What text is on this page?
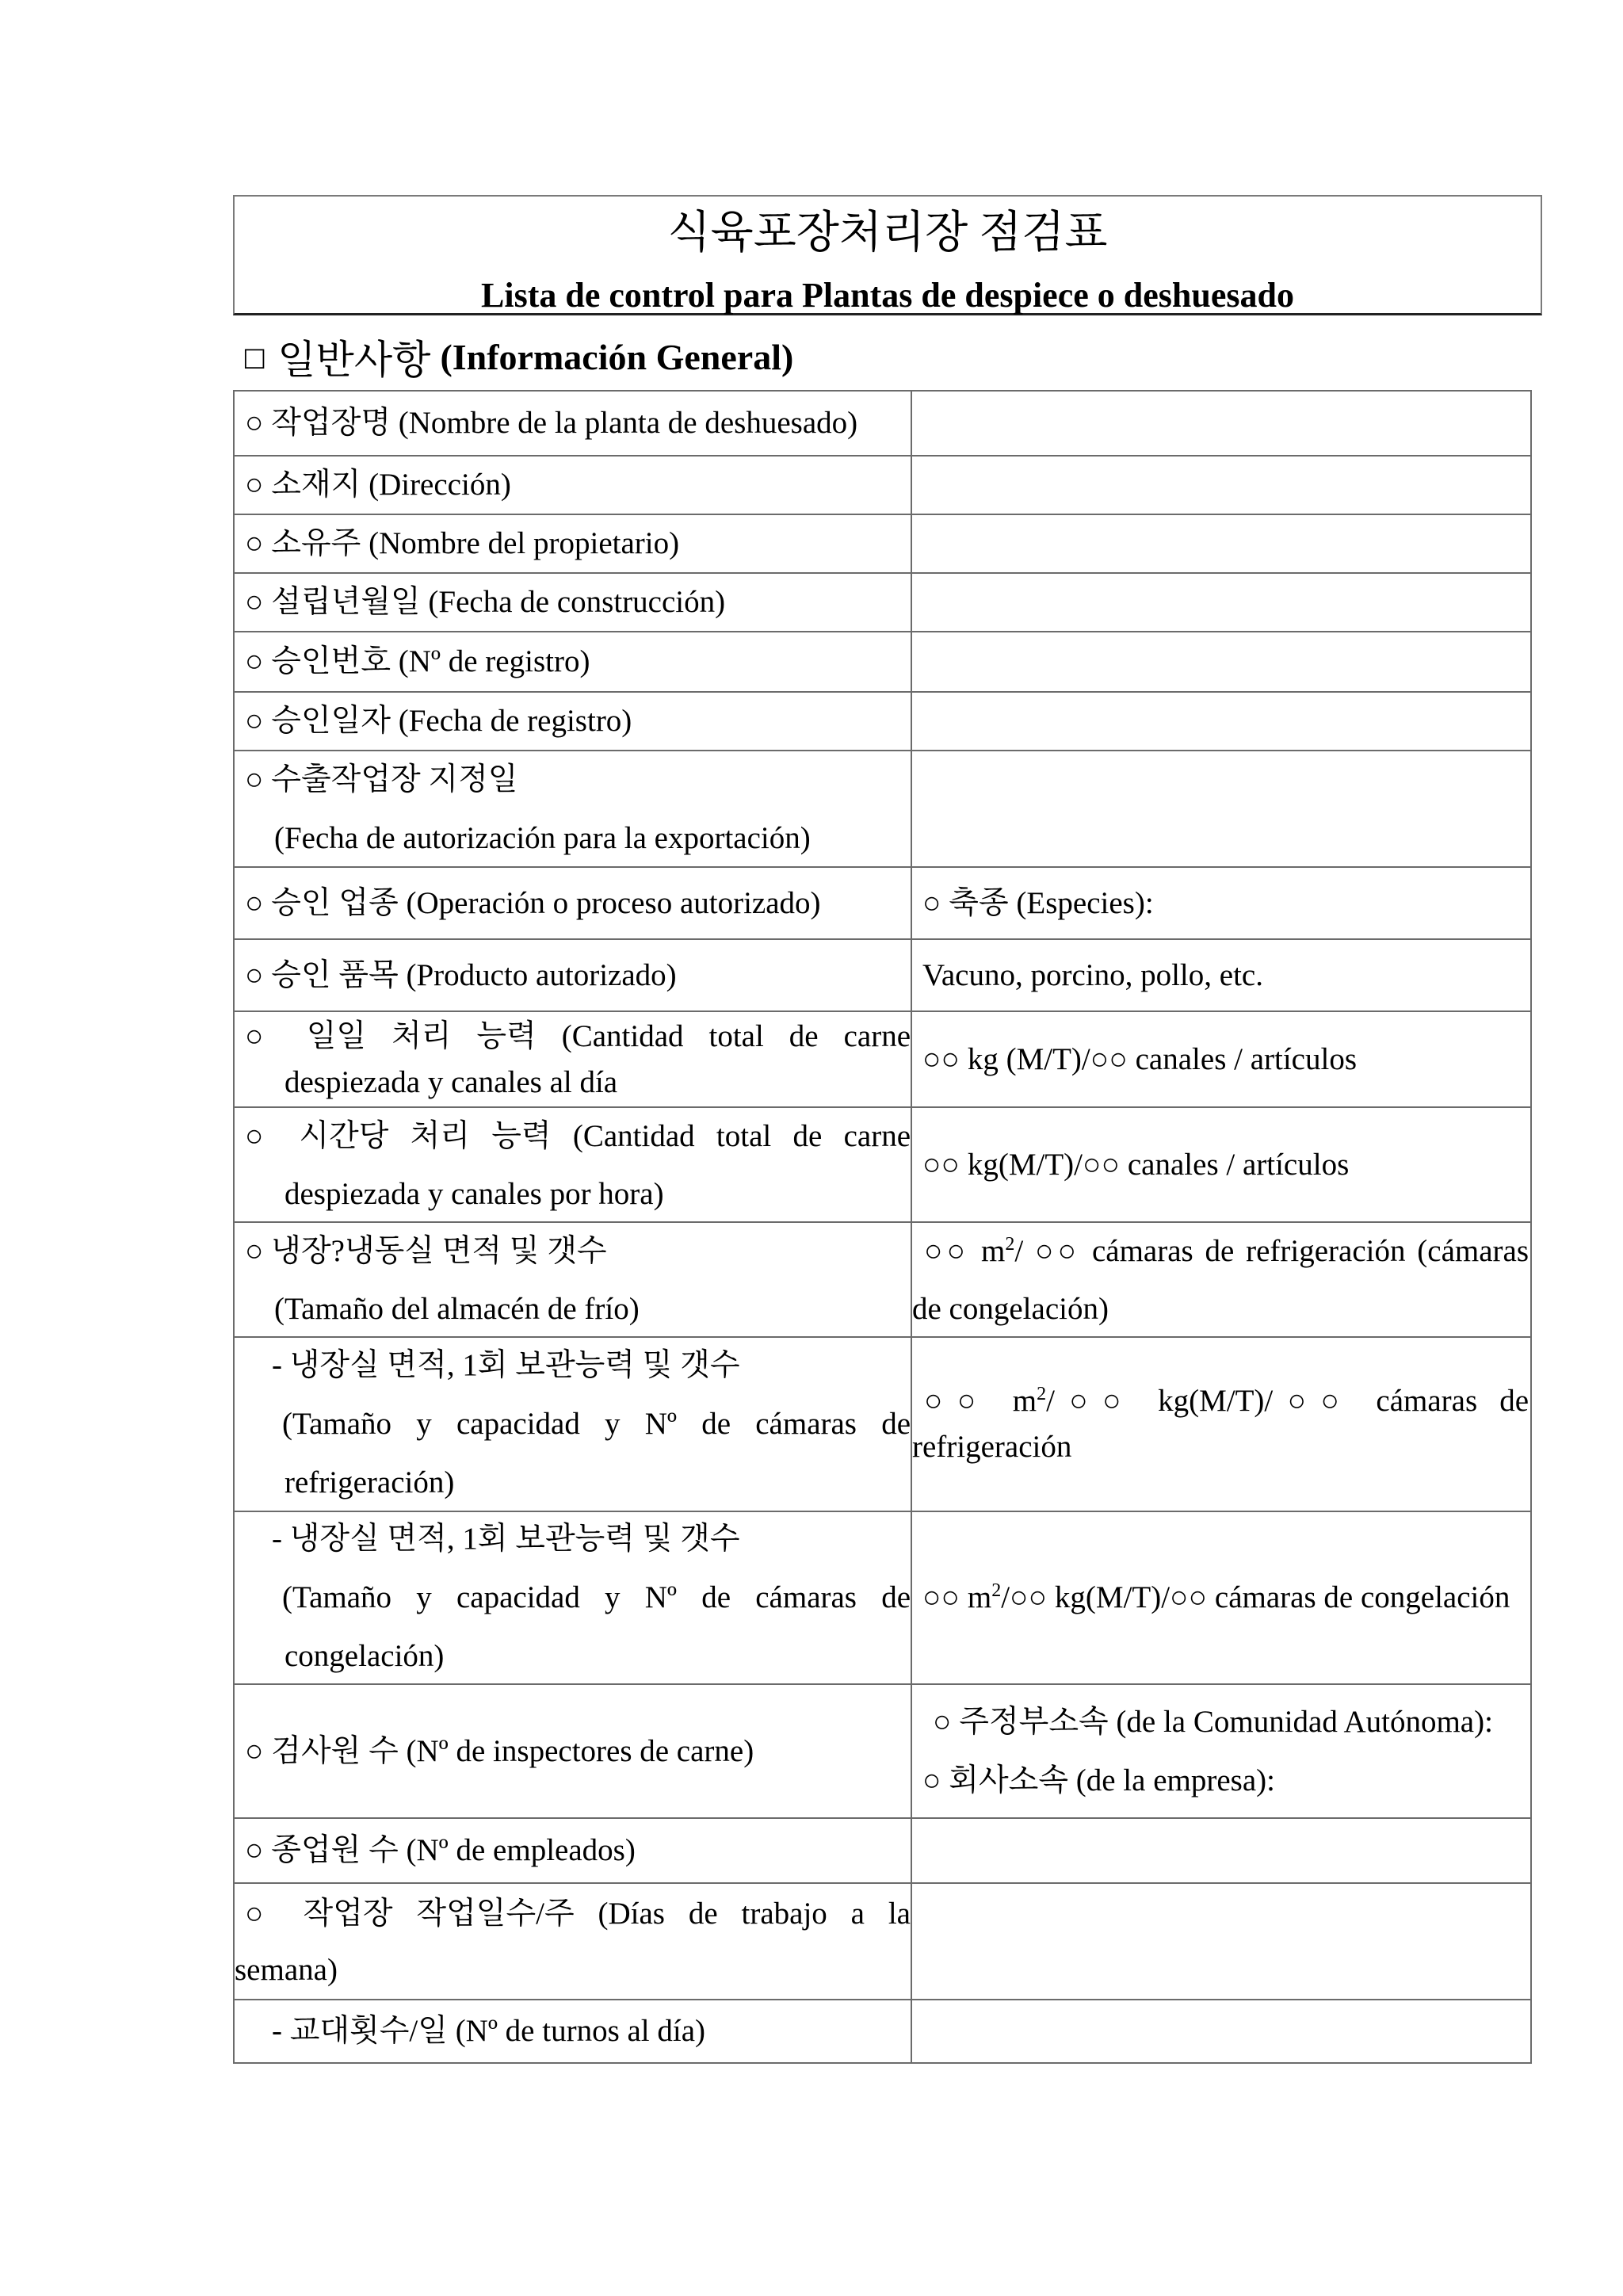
식육포장처리장 점검표
Lista de control para Plantas de despiece o deshuesado
□ 일반사항 (Información General)
○ 작업장명 (Nombre de la planta de deshuesado)
○ 소재지 (Dirección)
○ 소유주 (Nombre del propietario)
○ 설립년월일 (Fecha de construcción)
○ 승인번호 (Nº de registro)
○ 승인일자 (Fecha de registro)
○ 수출작업장 지정일
(Fecha de autorización para la exportación)
○ 승인 업종 (Operación o proceso autorizado)	○ 축종 (Especies):
○ 승인 품목 (Producto autorizado)	Vacuno, porcino, pollo, etc.
○ 일일 처리 능력 (Cantidad total de carne
despiezada y canales al día
○○ kg (M/T)/○○ canales / artículos
○ 시간당 처리 능력 (Cantidad total de carne
despiezada y canales por hora)
○○ kg(M/T)/○○ canales / artículos
○ 냉장?냉동실 면적 및 갯수
(Tamaño del almacén de frío)
○○ $m^2/$ ○○ cámaras de refrigeración (cámaras
de congelación)
- 냉장실 면적, 1회 보관능력 및 갯수
(Tamaño y capacidad y Nº de cámaras de
refrigeración)
○○ $m^2/○○$ kg(M/T)/○○ cámaras de
refrigeración
- 냉장실 면적, 1회 보관능력 및 갯수
(Tamaño y capacidad y Nº de cámaras de
congelación)
○○ $m^2/○○$ kg(M/T)/○○ cámaras de congelación
○ 검사원 수 (Nº de inspectores de carne)
○ 주정부소속 (de la Comunidad Autónoma):
○ 회사소속 (de la empresa):
○ 종업원 수 (Nº de empleados)
○ 작업장 작업일수/주 (Días de trabajo a la
semana)
- 교대횟수/일 (Nº de turnos al día)
